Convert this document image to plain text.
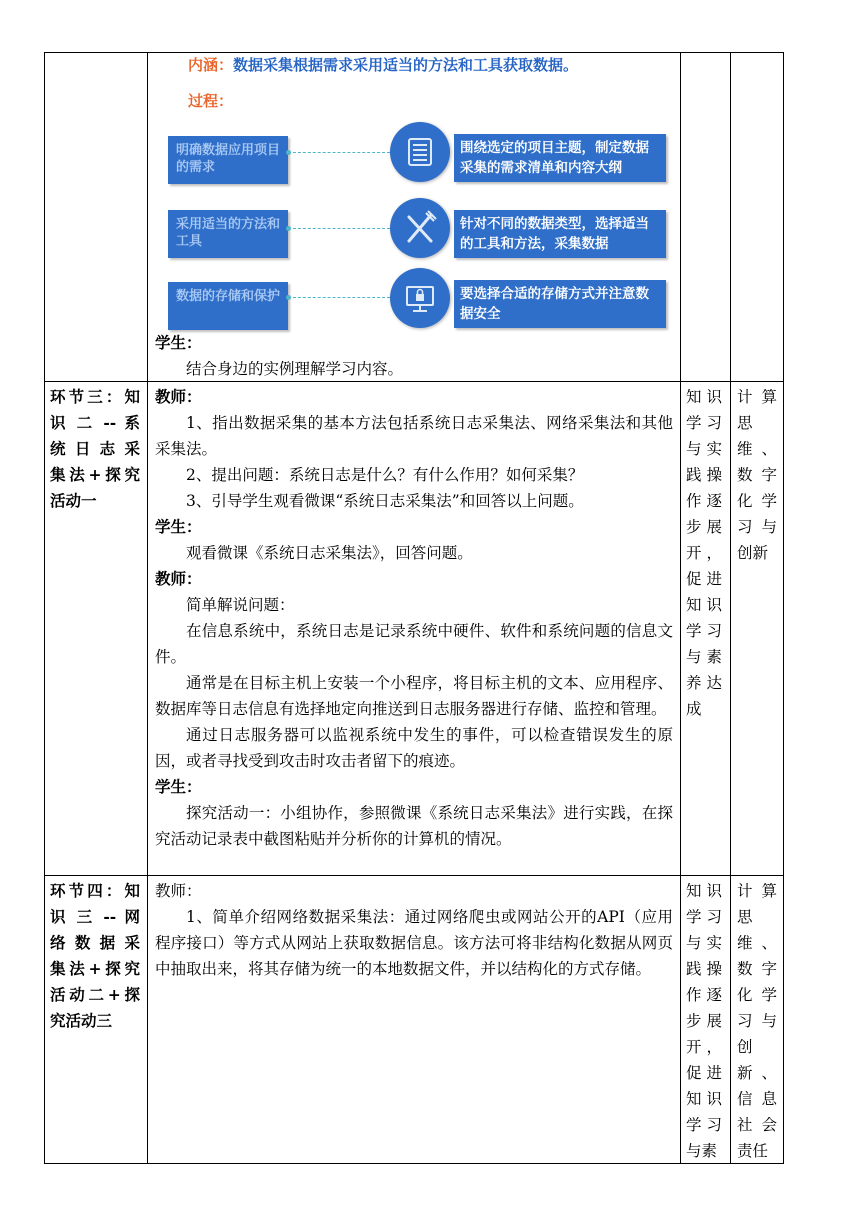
内涵：数据采集根据需求采用适当的方法和工具获取数据。
过程：
明确数据应用项目的需求
围绕选定的项目主题，制定数据采集的需求清单和内容大纲
采用适当的方法和工具
针对不同的数据类型，选择适当的工具和方法，采集数据
数据的存储和保护	要选择合适的存储方式并注意数据安全

学生：

结合身边的实例理解学习内容。

环节三：知
识 二 -- 系
统 日 志 采
集法+探究
活动一

教师：

1、指出数据采集的基本方法包括系统日志采集法、网络采集法和其他采集法。

2、提出问题：系统日志是什么？有什么作用？如何采集？

3、引导学生观看微课“系统日志采集法”和回答以上问题。

学生：

观看微课《系统日志采集法》，回答问题。

教师：

简单解说问题：

在信息系统中，系统日志是记录系统中硬件、软件和系统问题的信息文件。

通常是在目标主机上安装一个小程序，将目标主机的文本、应用程序、数据库等日志信息有选择地定向推送到日志服务器进行存储、监控和管理。

通过日志服务器可以监视系统中发生的事件，可以检查错误发生的原因，或者寻找受到攻击时攻击者留下的痕迹。

学生：

探究活动一：小组协作，参照微课《系统日志采集法》进行实践，在探究活动记录表中截图粘贴并分析你的计算机的情况。

知识学习与实践操作逐步展开，促进知识学习与素养达成
计算思维、数字化学习与创新
环节四：知
识 三 -- 网
络 数 据 采
集法+探究
活动二+探
究活动三

教师：

1、简单介绍网络数据采集法：通过网络爬虫或网站公开的API（应用程序接口）等方式从网站上获取数据信息。该方法可将非结构化数据从网页中抽取出来，将其存储为统一的本地数据文件，并以结构化的方式存储。

知识学习与实践操作逐步展开，促进知识学习与素
计算思维、数字化学习与创新、信息社会责任
